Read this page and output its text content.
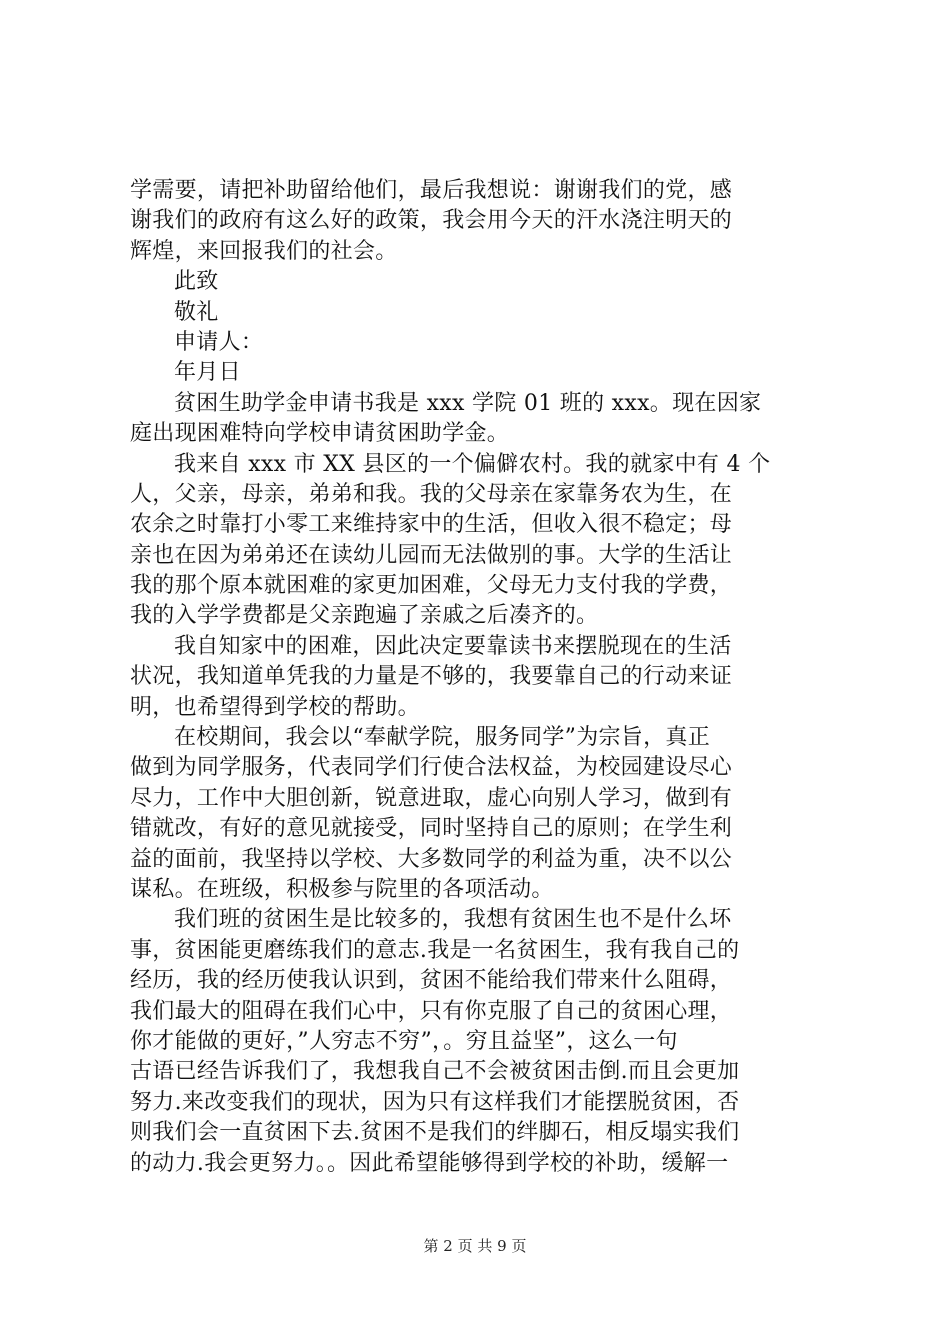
学需要，请把补助留给他们，最后我想说：谢谢我们的党，感
谢我们的政府有这么好的政策，我会用今天的汗水浇注明天的
辉煌，来回报我们的社会。
此致
敬礼
申请人：
年月日
贫困生助学金申请书我是 xxx 学院 01 班的 xxx。现在因家
庭出现困难特向学校申请贫困助学金。
我来自 xxx 市 XX 县区的一个偏僻农村。我的就家中有 4 个
人，父亲，母亲，弟弟和我。我的父母亲在家靠务农为生，在
农余之时靠打小零工来维持家中的生活，但收入很不稳定；母
亲也在因为弟弟还在读幼儿园而无法做别的事。大学的生活让
我的那个原本就困难的家更加困难，父母无力支付我的学费，
我的入学学费都是父亲跑遍了亲戚之后凑齐的。
我自知家中的困难，因此决定要靠读书来摆脱现在的生活
状况，我知道单凭我的力量是不够的，我要靠自己的行动来证
明，也希望得到学校的帮助。
在校期间，我会以“奉献学院，服务同学”为宗旨，真正
做到为同学服务，代表同学们行使合法权益，为校园建设尽心
尽力，工作中大胆创新，锐意进取，虚心向别人学习，做到有
错就改，有好的意见就接受，同时坚持自己的原则；在学生利
益的面前，我坚持以学校、大多数同学的利益为重，决不以公
谋私。在班级，积极参与院里的各项活动。
我们班的贫困生是比较多的，我想有贫困生也不是什么坏
事，贫困能更磨练我们的意志.我是一名贫困生，我有我自己的
经历，我的经历使我认识到，贫困不能给我们带来什么阻碍，
我们最大的阻碍在我们心中，只有你克服了自己的贫困心理，
你才能做的更好，”人穷志不穷”，。穷且益坚”，这么一句
古语已经告诉我们了，我想我自己不会被贫困击倒.而且会更加
努力.来改变我们的现状，因为只有这样我们才能摆脱贫困，否
则我们会一直贫困下去.贫困不是我们的绊脚石，相反塌实我们
的动力.我会更努力。。因此希望能够得到学校的补助，缓解一
第 2 页 共 9 页
